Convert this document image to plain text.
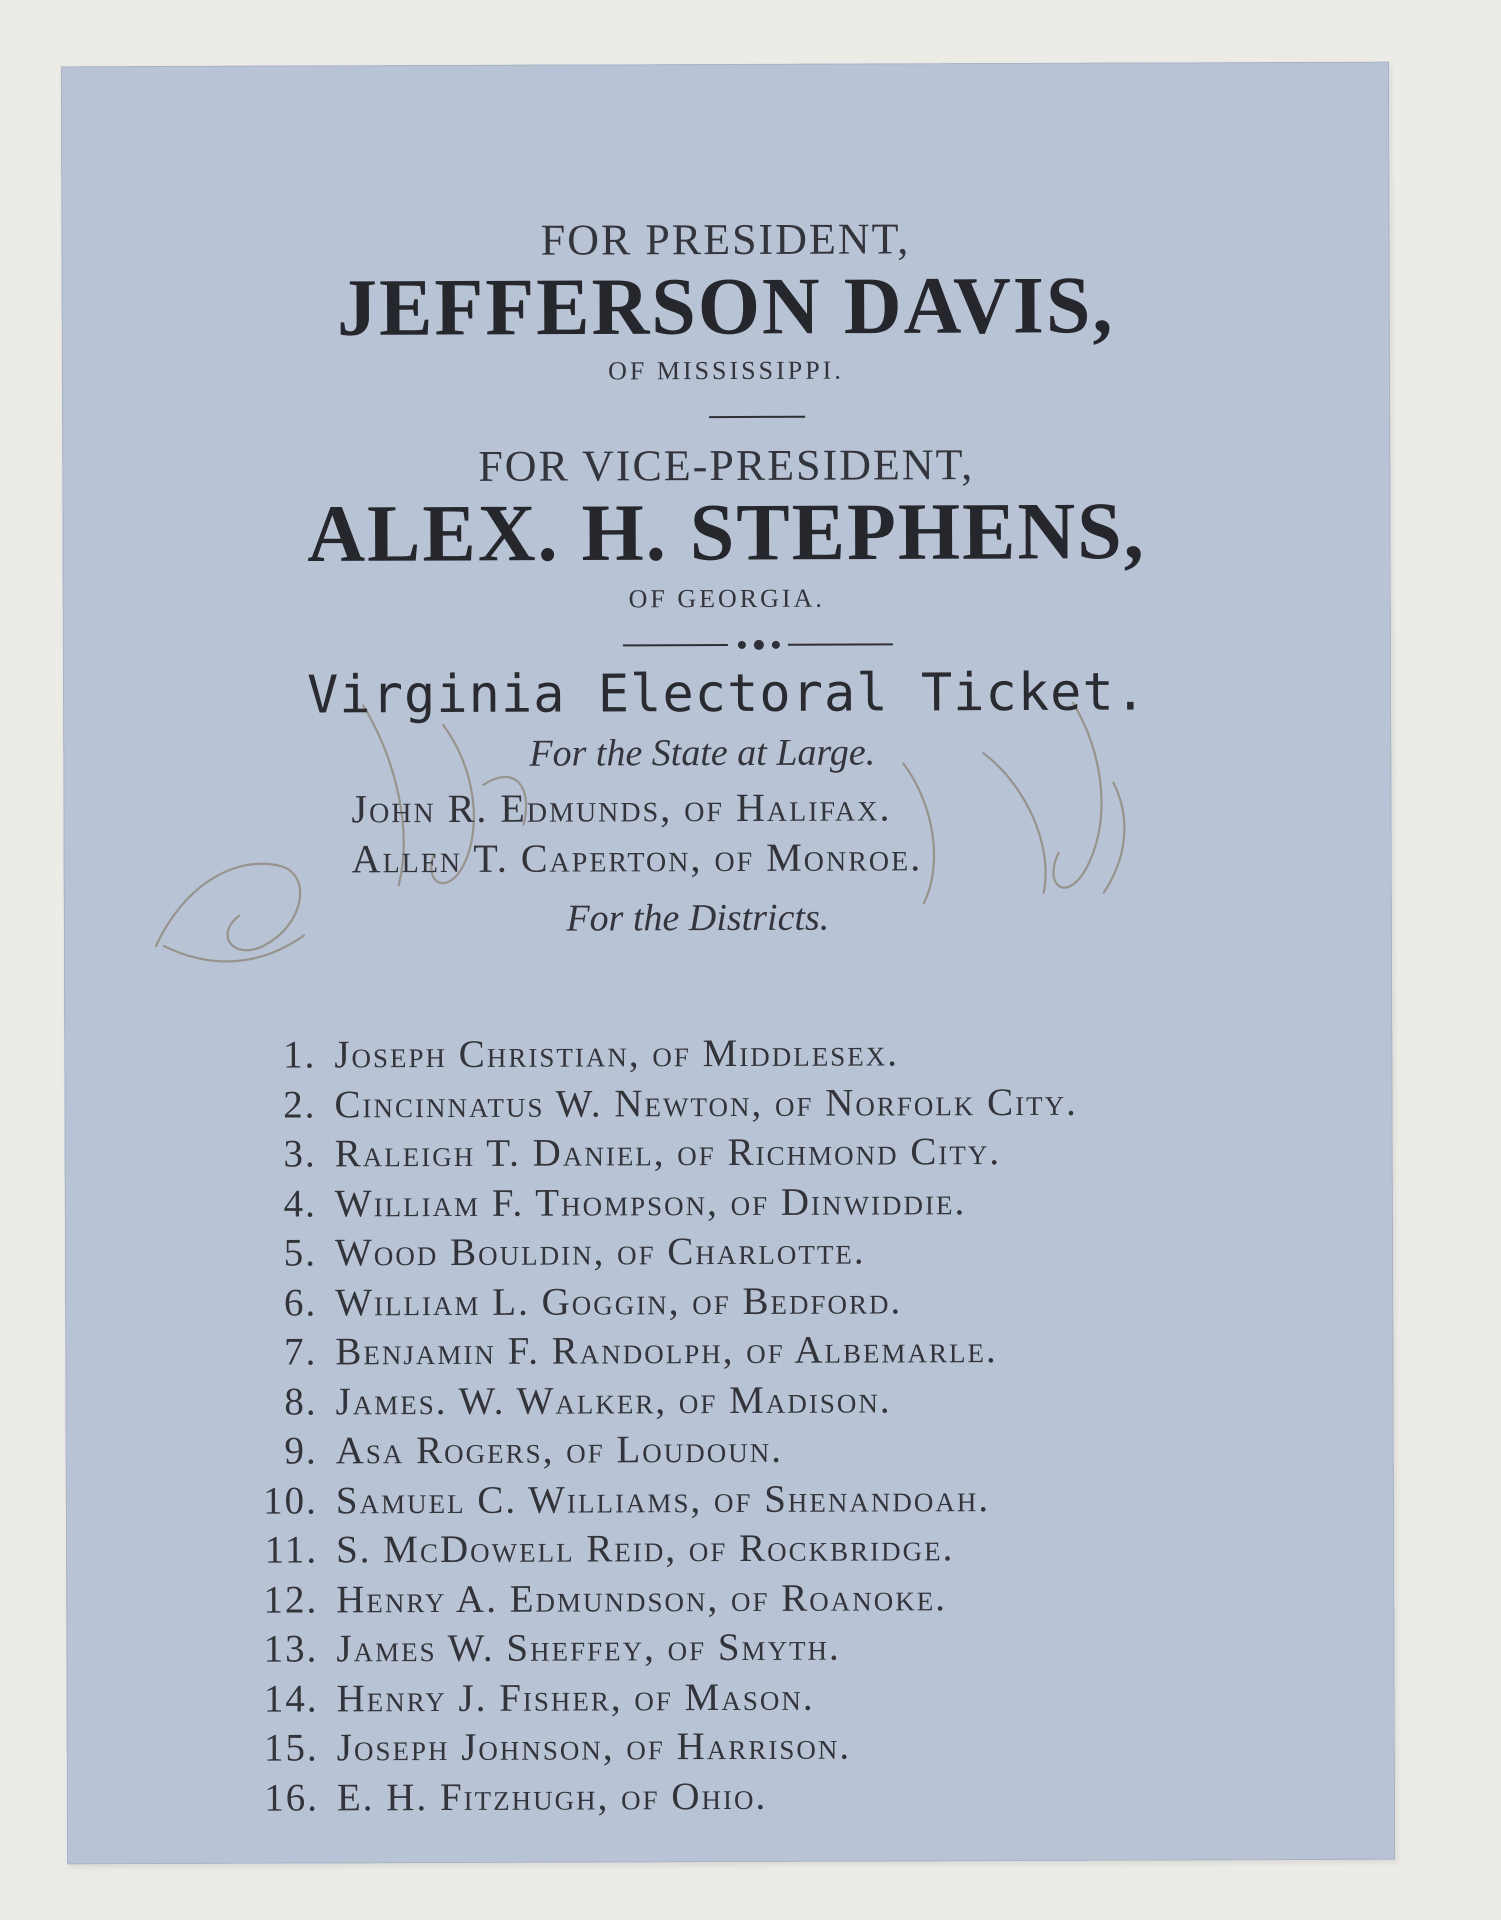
FOR PRESIDENT,
JEFFERSON DAVIS,
OF MISSISSIPPI.
FOR VICE-PRESIDENT,
ALEX. H. STEPHENS,
OF GEORGIA.
Virginia Electoral Ticket.
For the State at Large.
John R. Edmunds, of Halifax.
Allen T. Caperton, of Monroe.
For the Districts.
1. Joseph Christian, of Middlesex.
2. Cincinnatus W. Newton, of Norfolk City.
3. Raleigh T. Daniel, of Richmond City.
4. William F. Thompson, of Dinwiddie.
5. Wood Bouldin, of Charlotte.
6. William L. Goggin, of Bedford.
7. Benjamin F. Randolph, of Albemarle.
8. James. W. Walker, of Madison.
9. Asa Rogers, of Loudoun.
10. Samuel C. Williams, of Shenandoah.
11. S. McDowell Reid, of Rockbridge.
12. Henry A. Edmundson, of Roanoke.
13. James W. Sheffey, of Smyth.
14. Henry J. Fisher, of Mason.
15. Joseph Johnson, of Harrison.
16. E. H. Fitzhugh, of Ohio.
